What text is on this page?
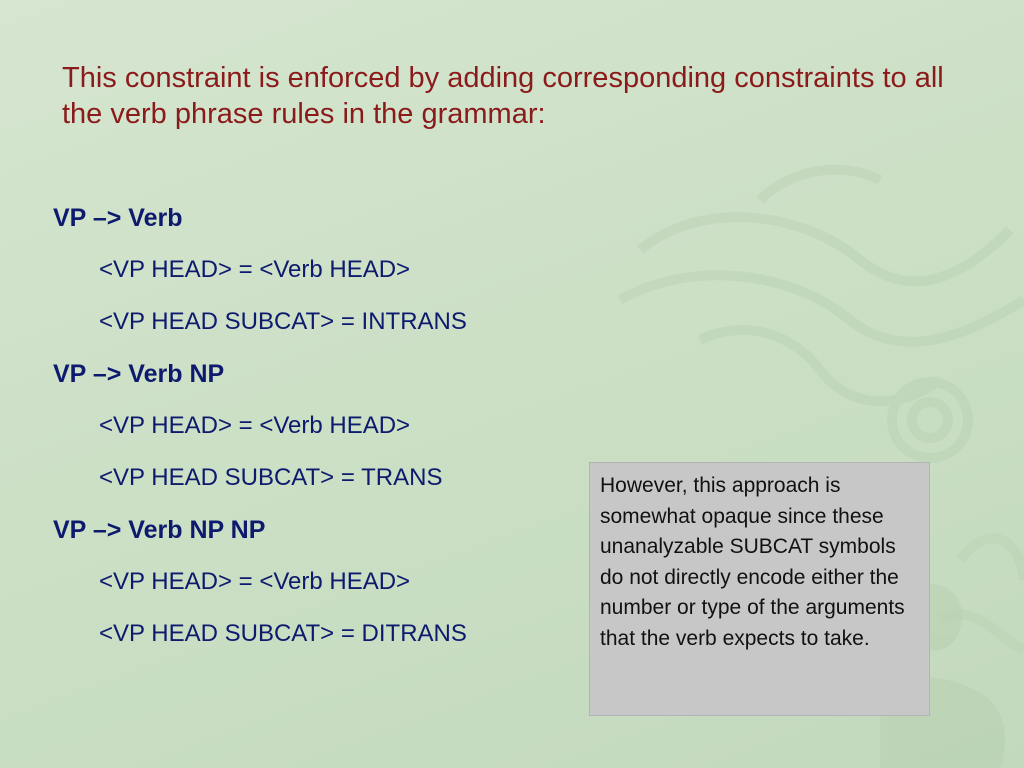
This constraint is enforced by adding corresponding constraints to all the verb phrase rules in the grammar:
VP –> Verb
<VP HEAD> = <Verb HEAD>
<VP HEAD SUBCAT> = INTRANS
VP –> Verb NP
<VP HEAD> = <Verb HEAD>
<VP HEAD SUBCAT> = TRANS
VP –> Verb NP NP
<VP HEAD> = <Verb HEAD>
<VP HEAD SUBCAT> = DITRANS
However, this approach is somewhat opaque since these unanalyzable SUBCAT symbols do not directly encode either the number or type of the arguments that the verb expects to take.
